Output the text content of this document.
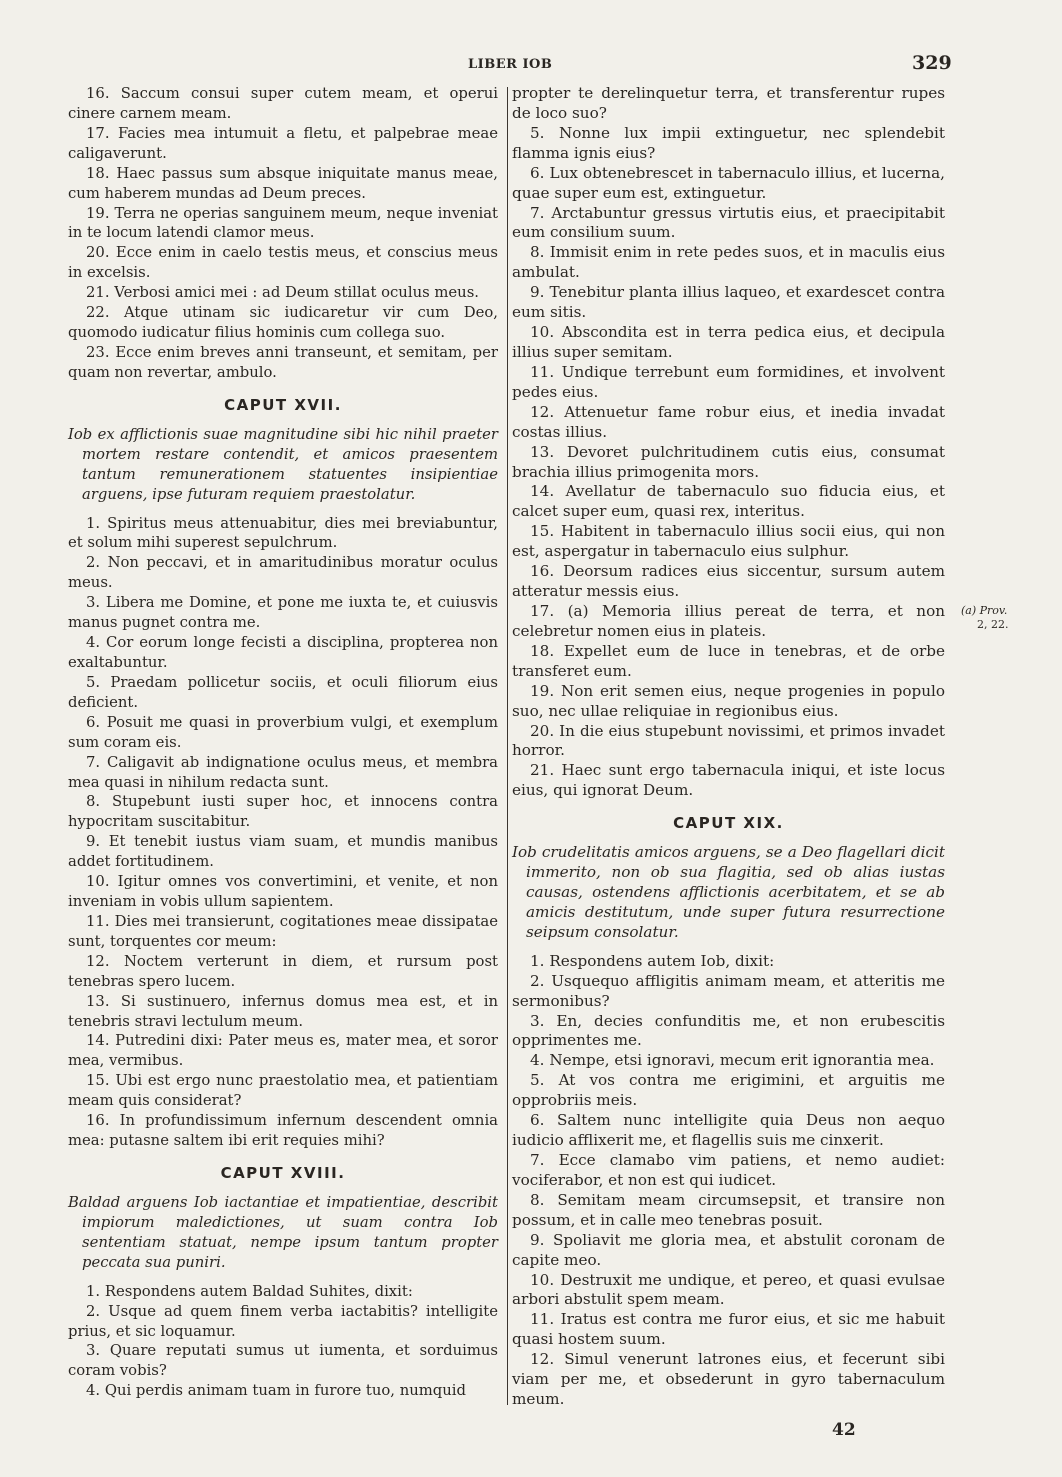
LIBER IOB	329

16. Saccum consui super cutem meam, et operui cinere carnem meam.

17. Facies mea intumuit a fletu, et palpebrae meae caligaverunt.

18. Haec passus sum absque iniquitate manus meae, cum haberem mundas ad Deum preces.

19. Terra ne operias sanguinem meum, neque inveniat in te locum latendi clamor meus.

20. Ecce enim in caelo testis meus, et conscius meus in excelsis.

21. Verbosi amici mei : ad Deum stillat oculus meus.

22. Atque utinam sic iudicaretur vir cum Deo, quomodo iudicatur filius hominis cum collega suo.

23. Ecce enim breves anni transeunt, et semitam, per quam non revertar, ambulo.

CAPUT XVII.

Iob ex afflictionis suae magnitudine sibi hic nihil praeter mortem restare contendit, et amicos praesentem tantum remunerationem statuentes insipientiae arguens, ipse futuram requiem praestolatur.

1. Spiritus meus attenuabitur, dies mei breviabuntur, et solum mihi superest sepulchrum.

2. Non peccavi, et in amaritudinibus moratur oculus meus.

3. Libera me Domine, et pone me iuxta te, et cuiusvis manus pugnet contra me.

4. Cor eorum longe fecisti a disciplina, propterea non exaltabuntur.

5. Praedam pollicetur sociis, et oculi filiorum eius deficient.

6. Posuit me quasi in proverbium vulgi, et exemplum sum coram eis.

7. Caligavit ab indignatione oculus meus, et membra mea quasi in nihilum redacta sunt.

8. Stupebunt iusti super hoc, et innocens contra hypocritam suscitabitur.

9. Et tenebit iustus viam suam, et mundis manibus addet fortitudinem.

10. Igitur omnes vos convertimini, et venite, et non inveniam in vobis ullum sapientem.

11. Dies mei transierunt, cogitationes meae dissipatae sunt, torquentes cor meum:

12. Noctem verterunt in diem, et rursum post tenebras spero lucem.

13. Si sustinuero, infernus domus mea est, et in tenebris stravi lectulum meum.

14. Putredini dixi: Pater meus es, mater mea, et soror mea, vermibus.

15. Ubi est ergo nunc praestolatio mea, et patientiam meam quis considerat?

16. In profundissimum infernum descendent omnia mea: putasne saltem ibi erit requies mihi?

CAPUT XVIII.

Baldad arguens Iob iactantiae et impatientiae, describit impiorum maledictiones, ut suam contra Iob sententiam statuat, nempe ipsum tantum propter peccata sua puniri.

1. Respondens autem Baldad Suhites, dixit:

2. Usque ad quem finem verba iactabitis? intelligite prius, et sic loquamur.

3. Quare reputati sumus ut iumenta, et sorduimus coram vobis?

4. Qui perdis animam tuam in furore tuo, numquid

propter te derelinquetur terra, et transferentur rupes de loco suo?

5. Nonne lux impii extinguetur, nec splendebit flamma ignis eius?

6. Lux obtenebrescet in tabernaculo illius, et lucerna, quae super eum est, extinguetur.

7. Arctabuntur gressus virtutis eius, et praecipitabit eum consilium suum.

8. Immisit enim in rete pedes suos, et in maculis eius ambulat.

9. Tenebitur planta illius laqueo, et exardescet contra eum sitis.

10. Abscondita est in terra pedica eius, et decipula illius super semitam.

11. Undique terrebunt eum formidines, et involvent pedes eius.

12. Attenuetur fame robur eius, et inedia invadat costas illius.

13. Devoret pulchritudinem cutis eius, consumat brachia illius primogenita mors.

14. Avellatur de tabernaculo suo fiducia eius, et calcet super eum, quasi rex, interitus.

15. Habitent in tabernaculo illius socii eius, qui non est, aspergatur in tabernaculo eius sulphur.

16. Deorsum radices eius siccentur, sursum autem atteratur messis eius.

17. (a) Memoria illius pereat de terra, et non celebretur nomen eius in plateis.

18. Expellet eum de luce in tenebras, et de orbe transferet eum.

19. Non erit semen eius, neque progenies in populo suo, nec ullae reliquiae in regionibus eius.

20. In die eius stupebunt novissimi, et primos invadet horror.

21. Haec sunt ergo tabernacula iniqui, et iste locus eius, qui ignorat Deum.

CAPUT XIX.

Iob crudelitatis amicos arguens, se a Deo flagellari dicit immerito, non ob sua flagitia, sed ob alias iustas causas, ostendens afflictionis acerbitatem, et se ab amicis destitutum, unde super futura resurrectione seipsum consolatur.

1. Respondens autem Iob, dixit:

2. Usquequo affligitis animam meam, et atteritis me sermonibus?

3. En, decies confunditis me, et non erubescitis opprimentes me.

4. Nempe, etsi ignoravi, mecum erit ignorantia mea.

5. At vos contra me erigimini, et arguitis me opprobriis meis.

6. Saltem nunc intelligite quia Deus non aequo iudicio afflixerit me, et flagellis suis me cinxerit.

7. Ecce clamabo vim patiens, et nemo audiet: vociferabor, et non est qui iudicet.

8. Semitam meam circumsepsit, et transire non possum, et in calle meo tenebras posuit.

9. Spoliavit me gloria mea, et abstulit coronam de capite meo.

10. Destruxit me undique, et pereo, et quasi evulsae arbori abstulit spem meam.

11. Iratus est contra me furor eius, et sic me habuit quasi hostem suum.

12. Simul venerunt latrones eius, et fecerunt sibi viam per me, et obsederunt in gyro tabernaculum meum.

(a) Prov.
2, 22.
42
